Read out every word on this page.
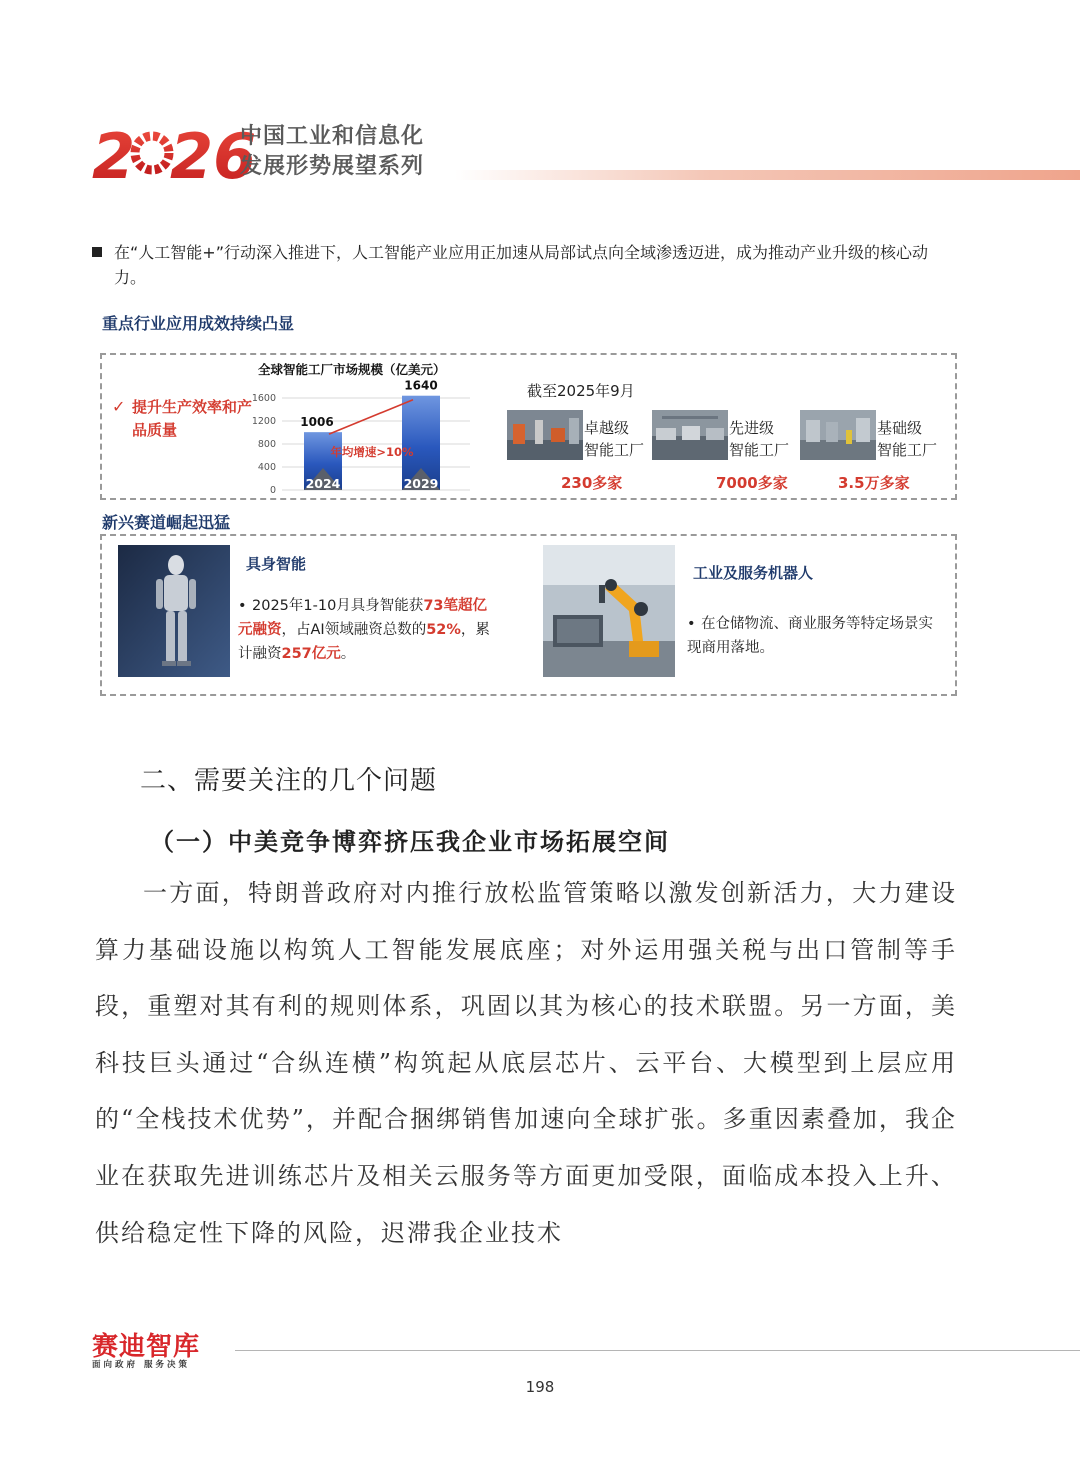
2 26
2026
中国工业和信息化
发展形势展望系列
在“人工智能+”行动深入推进下，人工智能产业应用正加速从局部试点向全域渗透迈进，成为推动产业升级的核心动力。
重点行业应用成效持续凸显
✓ 提升生产效率和产品质量
全球智能工厂市场规模（亿美元）
0
400
800
1200
1600
2024
1006
2029
1640
年均增速>10%
截至2025年9月
卓越级
智能工厂
230多家
先进级
智能工厂
7000多家
基础级
智能工厂
3.5万多家
新兴赛道崛起迅猛
具身智能
• 2025年1-10月具身智能获73笔超亿元融资，占AI领域融资总数的52%，累计融资257亿元。
工业及服务机器人
• 在仓储物流、商业服务等特定场景实现商用落地。
二、需要关注的几个问题
（一）中美竞争博弈挤压我企业市场拓展空间

一方面，特朗普政府对内推行放松监管策略以激发创新活力，大力建设算力基础设施以构筑人工智能发展底座；对外运用强关税与出口管制等手段，重塑对其有利的规则体系，巩固以其为核心的技术联盟。另一方面，美科技巨头通过“合纵连横”构筑起从底层芯片、云平台、大模型到上层应用的“全栈技术优势”，并配合捆绑销售加速向全球扩张。多重因素叠加，我企业在获取先进训练芯片及相关云服务等方面更加受限，面临成本投入上升、供给稳定性下降的风险，迟滞我企业技术

赛迪智库
面向政府 服务决策
198
